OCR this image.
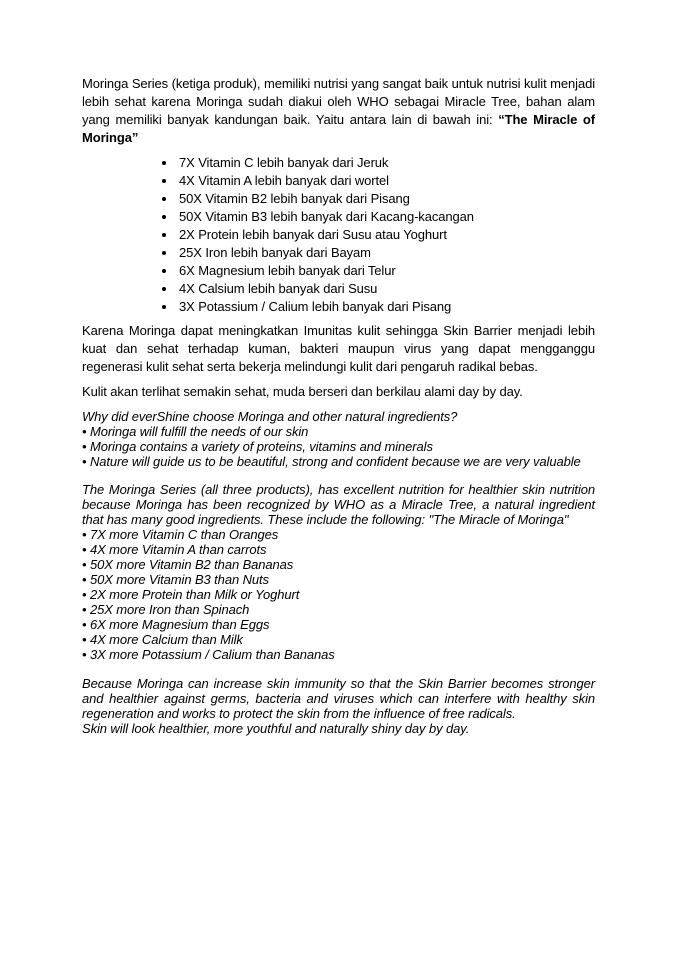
Moringa Series (ketiga produk), memiliki nutrisi yang sangat baik untuk nutrisi kulit menjadi lebih sehat karena Moringa sudah diakui oleh WHO sebagai Miracle Tree, bahan alam yang memiliki banyak kandungan baik. Yaitu antara lain di bawah ini: “The Miracle of Moringa”

• 7X Vitamin C lebih banyak dari Jeruk
• 4X Vitamin A lebih banyak dari wortel
• 50X Vitamin B2 lebih banyak dari Pisang
• 50X Vitamin B3 lebih banyak dari Kacang-kacangan
• 2X Protein lebih banyak dari Susu atau Yoghurt
• 25X Iron lebih banyak dari Bayam
• 6X Magnesium lebih banyak dari Telur
• 4X Calsium lebih banyak dari Susu
• 3X Potassium / Calium lebih banyak dari Pisang

Karena Moringa dapat meningkatkan Imunitas kulit sehingga Skin Barrier menjadi lebih kuat dan sehat terhadap kuman, bakteri maupun virus yang dapat mengganggu regenerasi kulit sehat serta bekerja melindungi kulit dari pengaruh radikal bebas.

Kulit akan terlihat semakin sehat, muda berseri dan berkilau alami day by day.

Why did everShine choose Moringa and other natural ingredients?
• Moringa will fulfill the needs of our skin
• Moringa contains a variety of proteins, vitamins and minerals
• Nature will guide us to be beautiful, strong and confident because we are very valuable

The Moringa Series (all three products), has excellent nutrition for healthier skin nutrition because Moringa has been recognized by WHO as a Miracle Tree, a natural ingredient that has many good ingredients. These include the following: "The Miracle of Moringa"

• 7X more Vitamin C than Oranges
• 4X more Vitamin A than carrots
• 50X more Vitamin B2 than Bananas
• 50X more Vitamin B3 than Nuts
• 2X more Protein than Milk or Yoghurt
• 25X more Iron than Spinach
• 6X more Magnesium than Eggs
• 4X more Calcium than Milk
• 3X more Potassium / Calium than Bananas

Because Moringa can increase skin immunity so that the Skin Barrier becomes stronger and healthier against germs, bacteria and viruses which can interfere with healthy skin regeneration and works to protect the skin from the influence of free radicals.

Skin will look healthier, more youthful and naturally shiny day by day.
